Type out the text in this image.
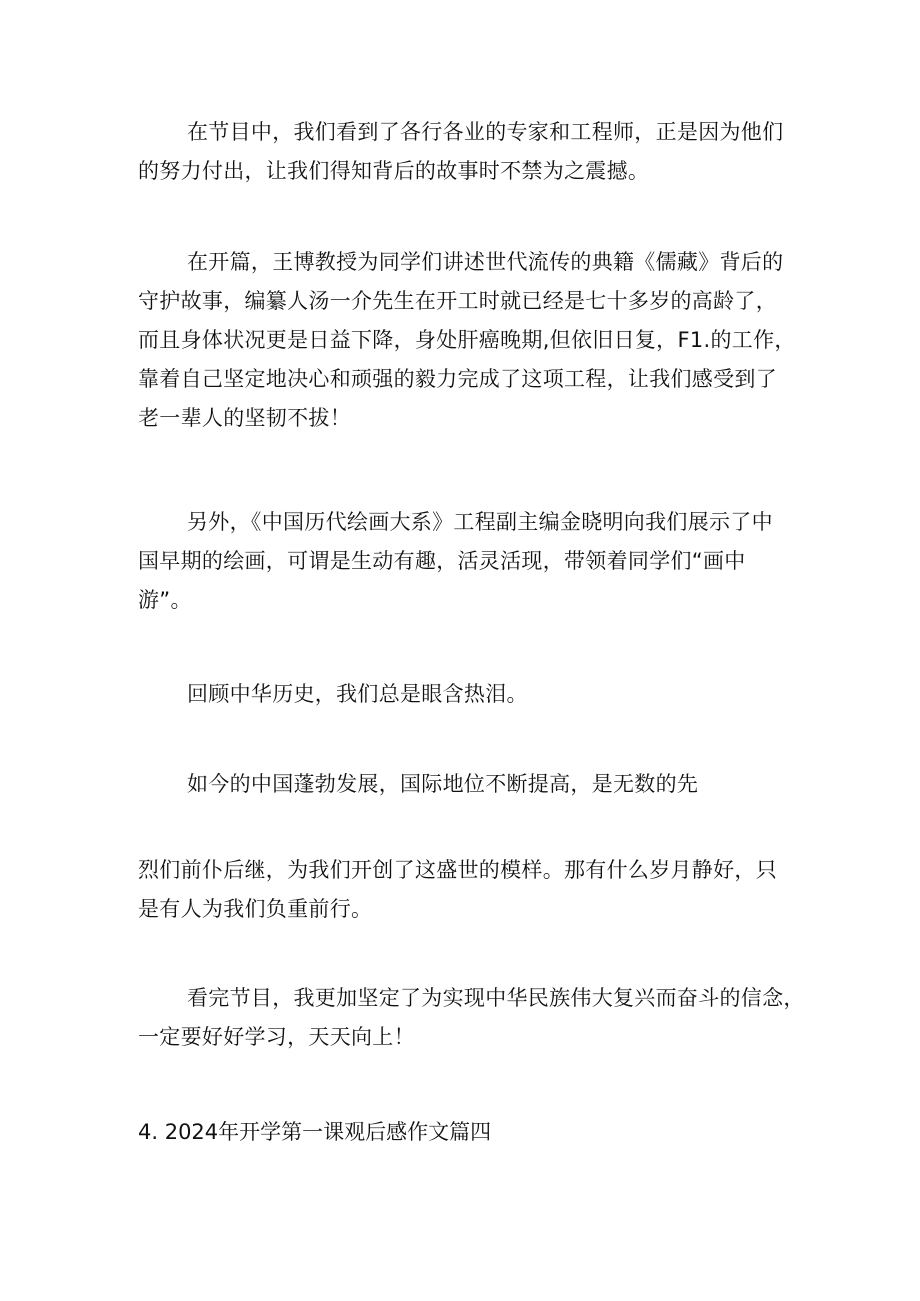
在节目中，我们看到了各行各业的专家和工程师，正是因为他们
的努力付出，让我们得知背后的故事时不禁为之震撼。
在开篇，王博教授为同学们讲述世代流传的典籍《儒藏》背后的
守护故事，编纂人汤一介先生在开工时就已经是七十多岁的高龄了，
而且身体状况更是日益下降，身处肝癌晚期,但依旧日复，F1.的工作，
靠着自己坚定地决心和顽强的毅力完成了这项工程，让我们感受到了
老一辈人的坚韧不拔！
另外，《中国历代绘画大系》工程副主编金晓明向我们展示了中
国早期的绘画，可谓是生动有趣，活灵活现，带领着同学们“画中
游”。
回顾中华历史，我们总是眼含热泪。
如今的中国蓬勃发展，国际地位不断提高，是无数的先
烈们前仆后继，为我们开创了这盛世的模样。那有什么岁月静好，只
是有人为我们负重前行。
看完节目，我更加坚定了为实现中华民族伟大复兴而奋斗的信念，
一定要好好学习，天天向上！
4. 2024年开学第一课观后感作文篇四
